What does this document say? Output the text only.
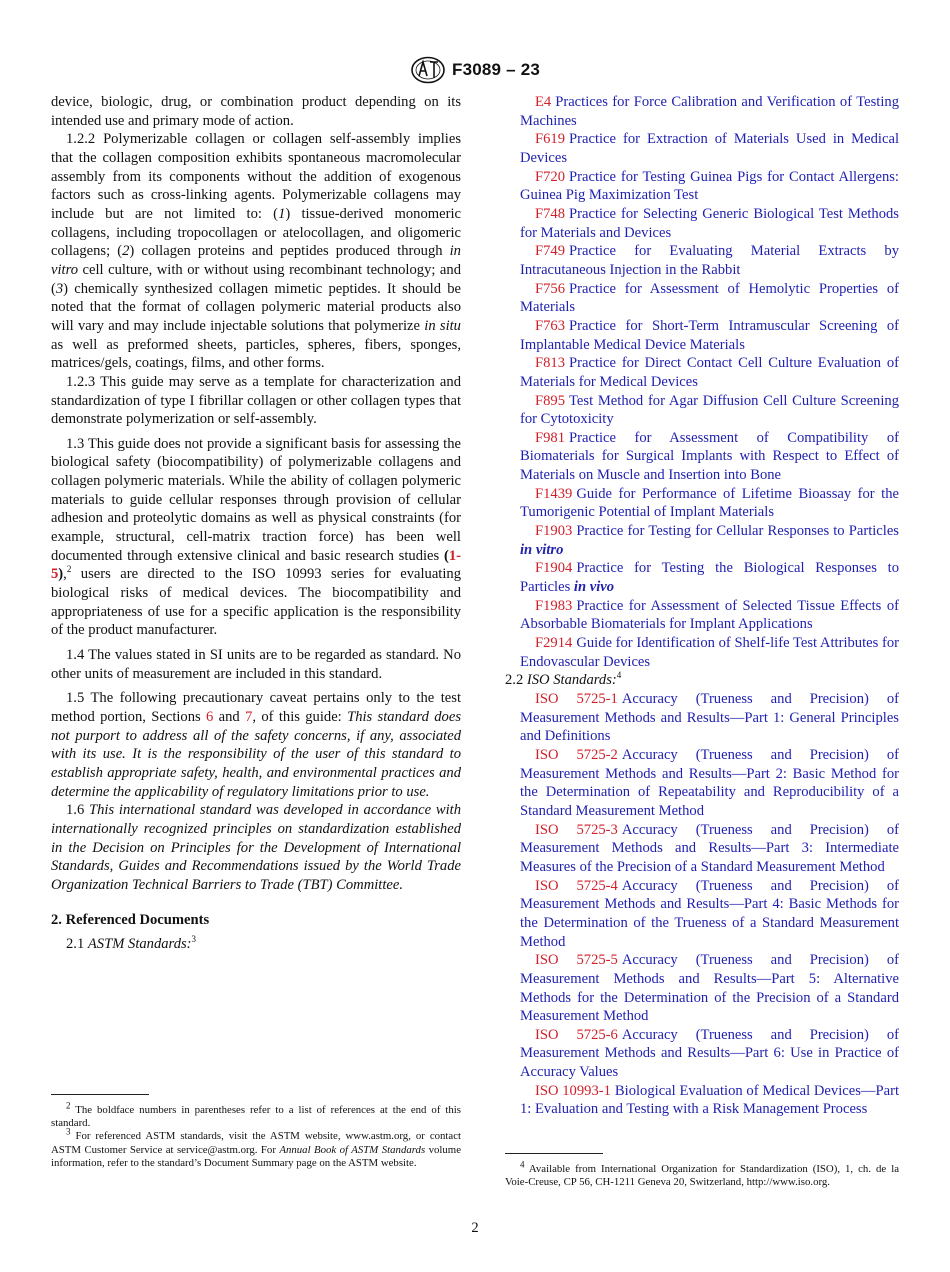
F3089 – 23

device, biologic, drug, or combination product depending on its intended use and primary mode of action.

1.2.2 Polymerizable collagen or collagen self-assembly implies that the collagen composition exhibits spontaneous macromolecular assembly from its components without the addition of exogenous factors such as cross-linking agents. Polymerizable collagens may include but are not limited to: (1) tissue-derived monomeric collagens, including tropocollagen or atelocollagen, and oligomeric collagens; (2) collagen proteins and peptides produced through in vitro cell culture, with or without using recombinant technology; and (3) chemically synthesized collagen mimetic peptides. It should be noted that the format of collagen polymeric material products also will vary and may include injectable solutions that polymerize in situ as well as preformed sheets, particles, spheres, fibers, sponges, matrices/gels, coatings, films, and other forms.

1.2.3 This guide may serve as a template for characterization and standardization of type I fibrillar collagen or other collagen types that demonstrate polymerization or self-assembly.

1.3 This guide does not provide a significant basis for assessing the biological safety (biocompatibility) of polymerizable collagens and collagen polymeric materials. While the ability of collagen polymeric materials to guide cellular responses through provision of cellular adhesion and proteolytic domains as well as physical constraints (for example, structural, cell-matrix traction force) has been well documented through extensive clinical and basic research studies (1-5),$^2$ users are directed to the ISO 10993 series for evaluating biological risks of medical devices. The biocompatibility and appropriateness of use for a specific application is the responsibility of the product manufacturer.

1.4 The values stated in SI units are to be regarded as standard. No other units of measurement are included in this standard.

1.5 The following precautionary caveat pertains only to the test method portion, Sections 6 and 7, of this guide: This standard does not purport to address all of the safety concerns, if any, associated with its use. It is the responsibility of the user of this standard to establish appropriate safety, health, and environmental practices and determine the applicability of regulatory limitations prior to use.

1.6 This international standard was developed in accordance with internationally recognized principles on standardization established in the Decision on Principles for the Development of International Standards, Guides and Recommendations issued by the World Trade Organization Technical Barriers to Trade (TBT) Committee.

2. Referenced Documents

2.1 ASTM Standards:$^3$

$^2$ The boldface numbers in parentheses refer to a list of references at the end of this standard.

$^3$ For referenced ASTM standards, visit the ASTM website, www.astm.org, or contact ASTM Customer Service at service@astm.org. For Annual Book of ASTM Standards volume information, refer to the standard’s Document Summary page on the ASTM website.

E4 Practices for Force Calibration and Verification of Testing Machines

F619 Practice for Extraction of Materials Used in Medical Devices

F720 Practice for Testing Guinea Pigs for Contact Allergens: Guinea Pig Maximization Test

F748 Practice for Selecting Generic Biological Test Methods for Materials and Devices

F749 Practice for Evaluating Material Extracts by Intracutaneous Injection in the Rabbit

F756 Practice for Assessment of Hemolytic Properties of Materials

F763 Practice for Short-Term Intramuscular Screening of Implantable Medical Device Materials

F813 Practice for Direct Contact Cell Culture Evaluation of Materials for Medical Devices

F895 Test Method for Agar Diffusion Cell Culture Screening for Cytotoxicity

F981 Practice for Assessment of Compatibility of Biomaterials for Surgical Implants with Respect to Effect of Materials on Muscle and Insertion into Bone

F1439 Guide for Performance of Lifetime Bioassay for the Tumorigenic Potential of Implant Materials

F1903 Practice for Testing for Cellular Responses to Particles in vitro

F1904 Practice for Testing the Biological Responses to Particles in vivo

F1983 Practice for Assessment of Selected Tissue Effects of Absorbable Biomaterials for Implant Applications

F2914 Guide for Identification of Shelf-life Test Attributes for Endovascular Devices

2.2 ISO Standards:$^4$

ISO 5725-1 Accuracy (Trueness and Precision) of Measurement Methods and Results—Part 1: General Principles and Definitions

ISO 5725-2 Accuracy (Trueness and Precision) of Measurement Methods and Results—Part 2: Basic Method for the Determination of Repeatability and Reproducibility of a Standard Measurement Method

ISO 5725-3 Accuracy (Trueness and Precision) of Measurement Methods and Results—Part 3: Intermediate Measures of the Precision of a Standard Measurement Method

ISO 5725-4 Accuracy (Trueness and Precision) of Measurement Methods and Results—Part 4: Basic Methods for the Determination of the Trueness of a Standard Measurement Method

ISO 5725-5 Accuracy (Trueness and Precision) of Measurement Methods and Results—Part 5: Alternative Methods for the Determination of the Precision of a Standard Measurement Method

ISO 5725-6 Accuracy (Trueness and Precision) of Measurement Methods and Results—Part 6: Use in Practice of Accuracy Values

ISO 10993-1 Biological Evaluation of Medical Devices—Part 1: Evaluation and Testing with a Risk Management Process

$^4$ Available from International Organization for Standardization (ISO), 1, ch. de la Voie-Creuse, CP 56, CH-1211 Geneva 20, Switzerland, http://www.iso.org.

2
